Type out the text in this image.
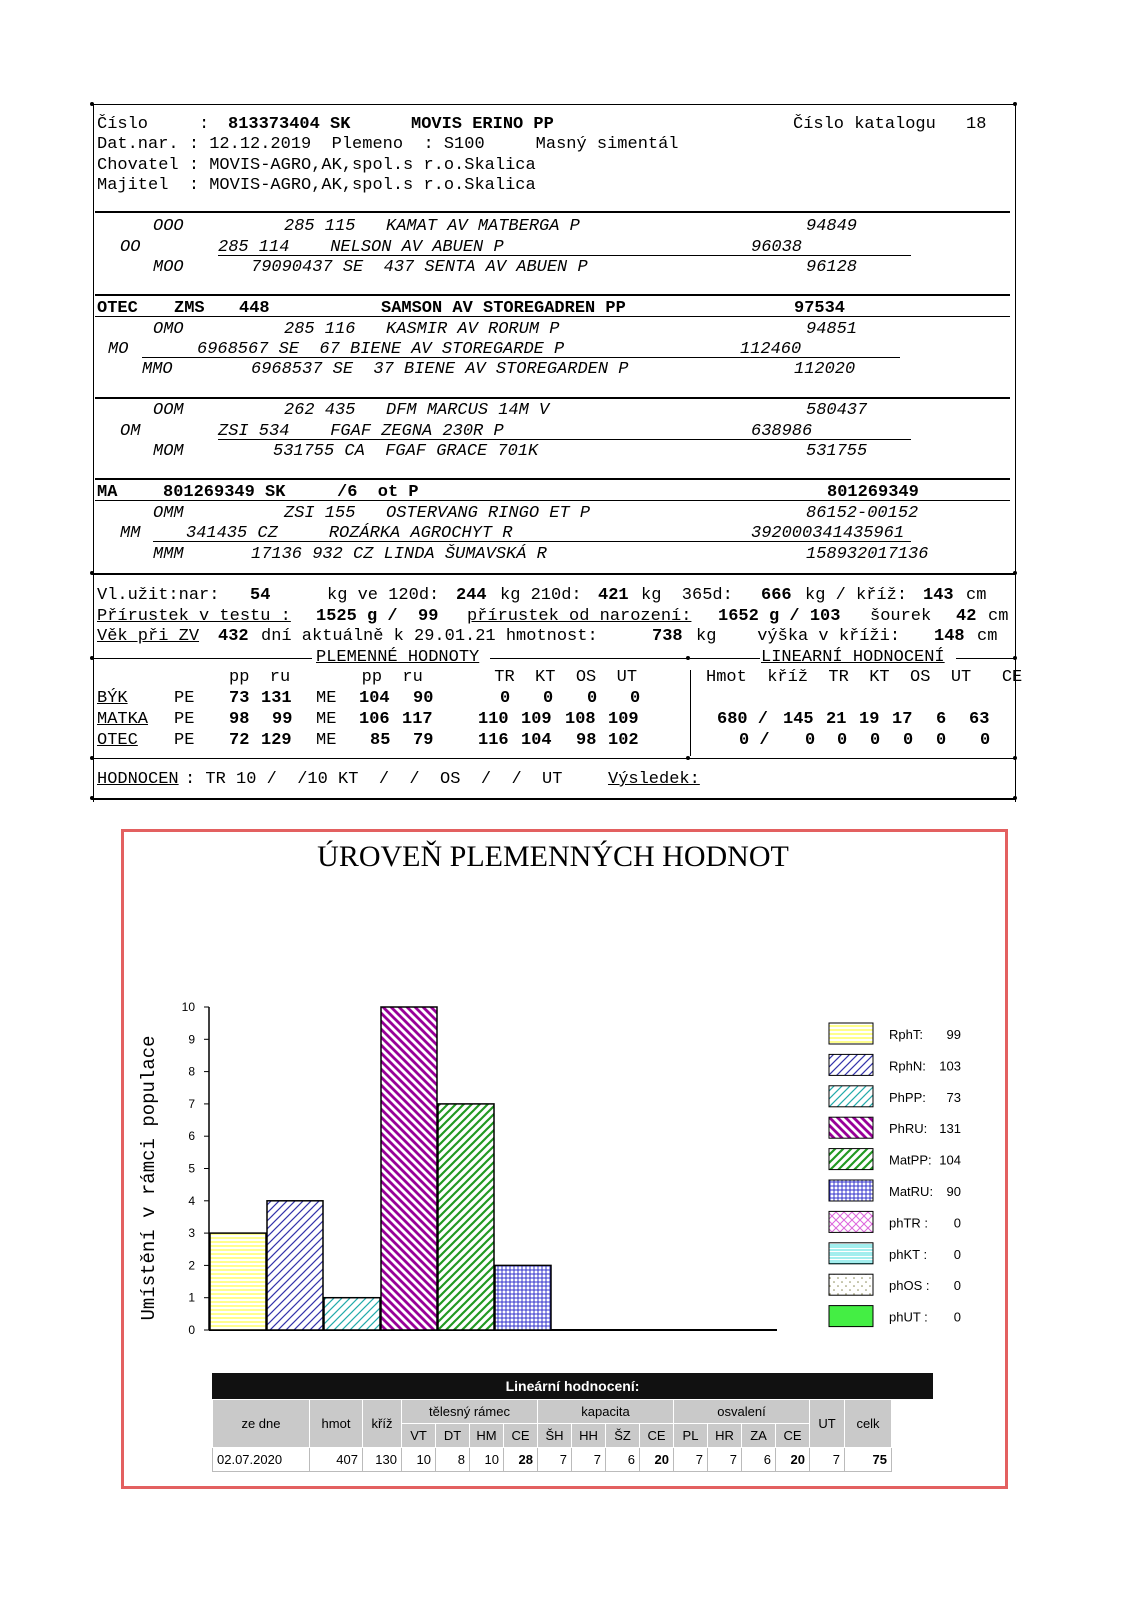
Číslo     : 813373404 SK	MOVIS ERINO PP	Číslo katalogu 18
Dat.nar. : 12.12.2019  Plemeno  : S100     Masný simentál
Chovatel : MOVIS-AGRO,AK,spol.s r.o.Skalica
Majitel  : MOVIS-AGRO,AK,spol.s r.o.Skalica
OOO	285 115   KAMAT AV MATBERGA P	94849
OO	285 114    NELSON AV ABUEN P	96038
MOO	79090437 SE  437 SENTA AV ABUEN P	96128
OTEC ZMS 448	SAMSON AV STOREGADREN PP	97534
OMO	285 116   KASMIR AV RORUM P	94851
MO	6968567 SE  67 BIENE AV STOREGARDE P	112460
MMO	6968537 SE  37 BIENE AV STOREGARDEN P	112020
OOM	262 435   DFM MARCUS 14M V	580437
OM	ZSI 534    FGAF ZEGNA 230R P	638986
MOM	531755 CA  FGAF GRACE 701K	531755
MA	801269349 SK	/6  ot P	801269349
OMM	ZSI 155   OSTERVANG RINGO ET P	86152-00152
MM	341435 CZ     ROZÁRKA AGROCHYT R	392000341435961
MMM	17136 932 CZ LINDA ŠUMAVSKÁ R	158932017136
Vl.užit:nar: 54	kg ve 120d: 244 kg 210d: 421 kg  365d: 666 kg / kříž: 143 cm
Přírustek v testu : 1525 g /  99 přírustek od narození: 1652 g / 103 šourek 42 cm
Věk při ZV 432 dní aktuálně k 29.01.21 hmotnost:	738 kg    výška v kříži: 148 cm
PLEMENNÉ HODNOTY	LINEARNÍ HODNOCENÍ
pp  ru       pp  ru       TR  KT  OS  UT	Hmot  kříž  TR  KT  OS  UT   CE
BÝK	PE 73 131 ME 104 90	0 0 0 0
MATKA PE 98 99 ME 106 117	110 109 108 109	680 / 145 21 19 17 6 63
OTEC PE 72 129 ME 85 79	116 104 98 102	0 / 0 0 0 0 0 0
HODNOCEN : TR 10 /  /10 KT  /  /  OS  /  /  UT	Výsledek:
ÚROVEŇ PLEMENNÝCH HODNOT
Umístění v rámci populace
0
1
2
3
4
5
6
7
8
9
10
RphT: 99
RphN: 103
PhPP: 73
PhRU: 131
MatPP: 104
MatRU: 90
phTR : 0
phKT : 0
phOS : 0
phUT : 0
Lineární hodnocení:
ze dne	hmot	kříž	tělesný rámec				kapacita				osvalení				UT	celk
			VT	DT	HM	CE	ŠH	HH	ŠZ	CE	PL	HR	ZA	CE		
02.07.2020	407	130	10	8	10	28	7	7	6	20	7	7	6	20	7	75
